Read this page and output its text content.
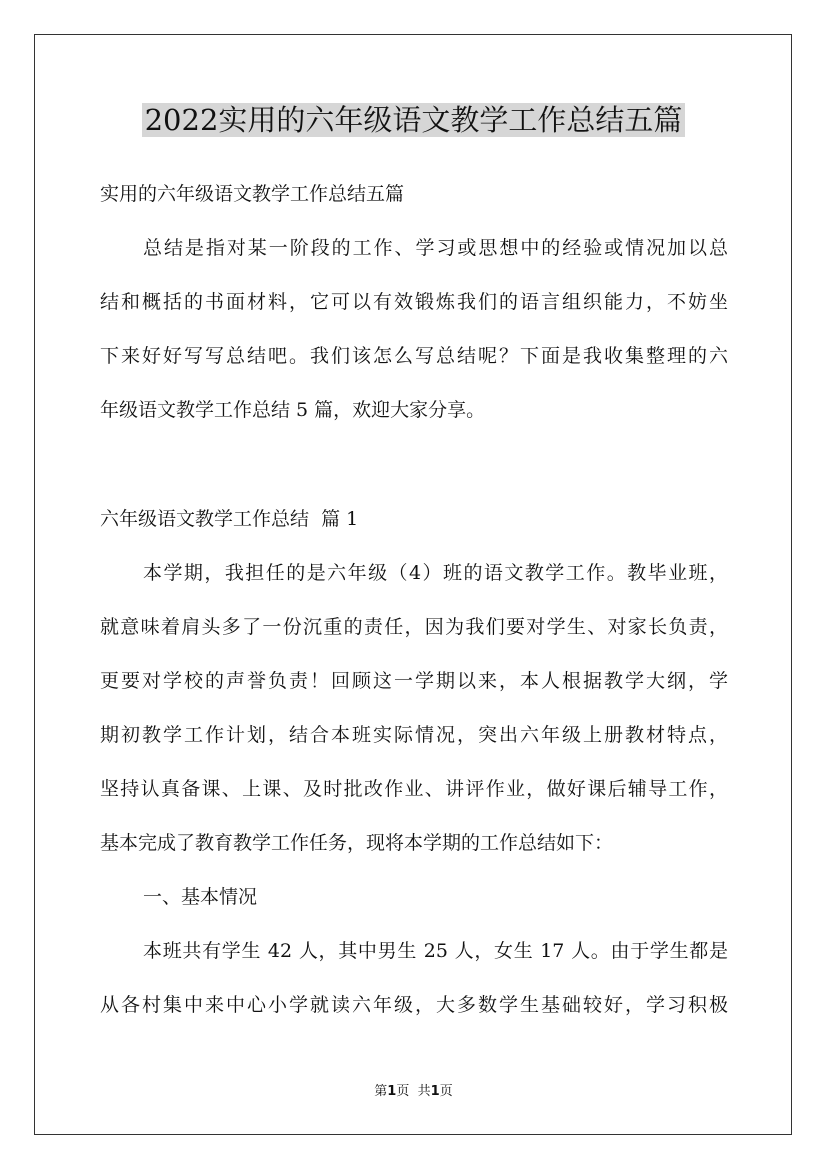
2022实用的六年级语文教学工作总结五篇
实用的六年级语文教学工作总结五篇
总结是指对某一阶段的工作、学习或思想中的经验或情况加以总
结和概括的书面材料，它可以有效锻炼我们的语言组织能力，不妨坐
下来好好写写总结吧。我们该怎么写总结呢？下面是我收集整理的六
年级语文教学工作总结 5 篇，欢迎大家分享。
六年级语文教学工作总结  篇 1
本学期，我担任的是六年级（4）班的语文教学工作。教毕业班，
就意味着肩头多了一份沉重的责任，因为我们要对学生、对家长负责，
更要对学校的声誉负责！回顾这一学期以来，本人根据教学大纲，学
期初教学工作计划，结合本班实际情况，突出六年级上册教材特点，
坚持认真备课、上课、及时批改作业、讲评作业，做好课后辅导工作，
基本完成了教育教学工作任务，现将本学期的工作总结如下：
一、基本情况
本班共有学生 42 人，其中男生 25 人，女生 17 人。由于学生都是
从各村集中来中心小学就读六年级，大多数学生基础较好，学习积极
第1页 共1页
